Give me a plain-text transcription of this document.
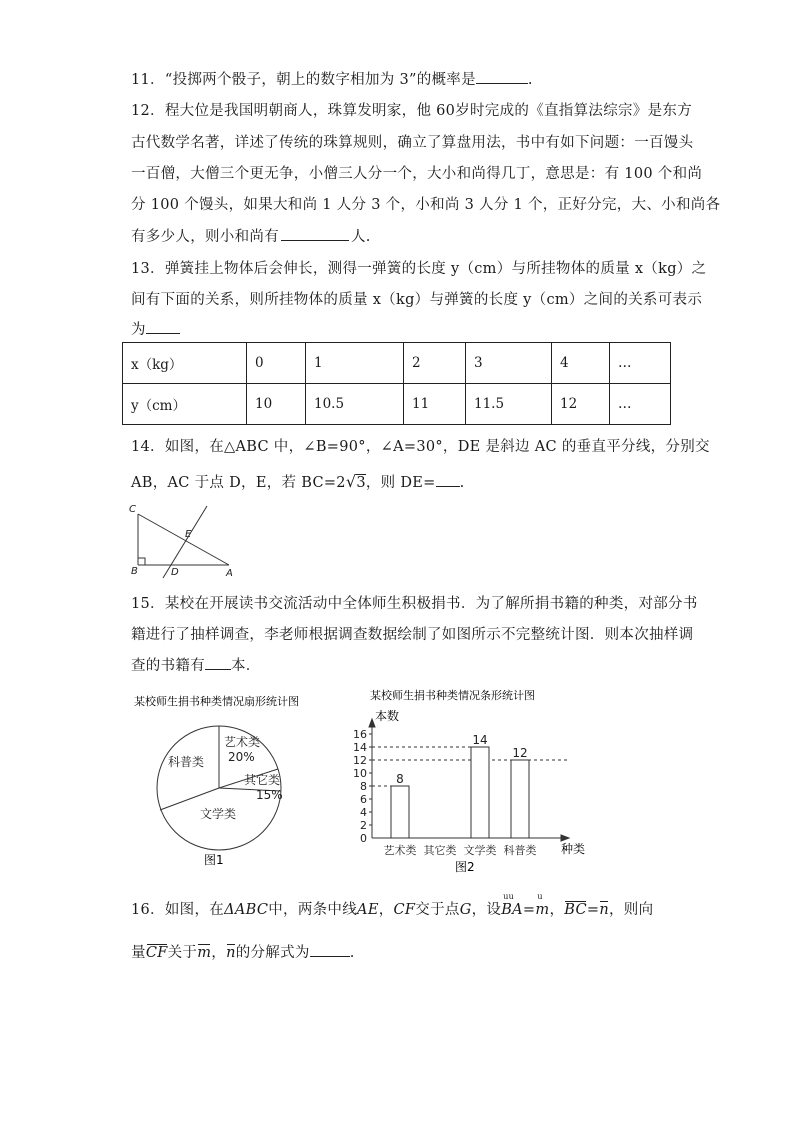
11．“投掷两个骰子，朝上的数字相加为 3”的概率是	.
12．程大位是我国明朝商人，珠算发明家，他 60岁时完成的《直指算法综宗》是东方
古代数学名著，详述了传统的珠算规则，确立了算盘用法，书中有如下问题：一百馒头
一百僧，大僧三个更无争，小僧三人分一个，大小和尚得几丁，意思是：有 100 个和尚
分 100 个馒头，如果大和尚 1 人分 3 个，小和尚 3 人分 1 个，正好分完，大、小和尚各
有多少人，则小和尚有	人.
13．弹簧挂上物体后会伸长，测得一弹簧的长度 y（cm）与所挂物体的质量 x（kg）之
间有下面的关系，则所挂物体的质量 x（kg）与弹簧的长度 y（cm）之间的关系可表示
为
x（kg）	0	1	2	3	4	…
y（cm）	10	10.5	11	11.5	12	…
14．如图，在△ABC 中，∠B=90°，∠A=30°，DE 是斜边 AC 的垂直平分线，分别交
AB，AC 于点 D，E，若 BC=2√3，则 DE= .
C
B	D
E
A
15．某校在开展读书交流活动中全体师生积极捐书．为了解所捐书籍的种类，对部分书
籍进行了抽样调查，李老师根据调查数据绘制了如图所示不完整统计图．则本次抽样调
查的书籍有 本．
某校师生捐书种类情况扇形统计图
科普类
艺术类
20%
其它类
15%
文学类
图1
某校师生捐书种类情况条形统计图
本数
种类
图2
0
2
4
6
8
10
12
14
16
8
艺术类 其它类
14
文学类
12
科普类
16．如图，在ΔABC中，两条中线AE，CF交于点G，设
uu
BA=
u
m，BC=n，则向
量CF关于m，n的分解式为	.
